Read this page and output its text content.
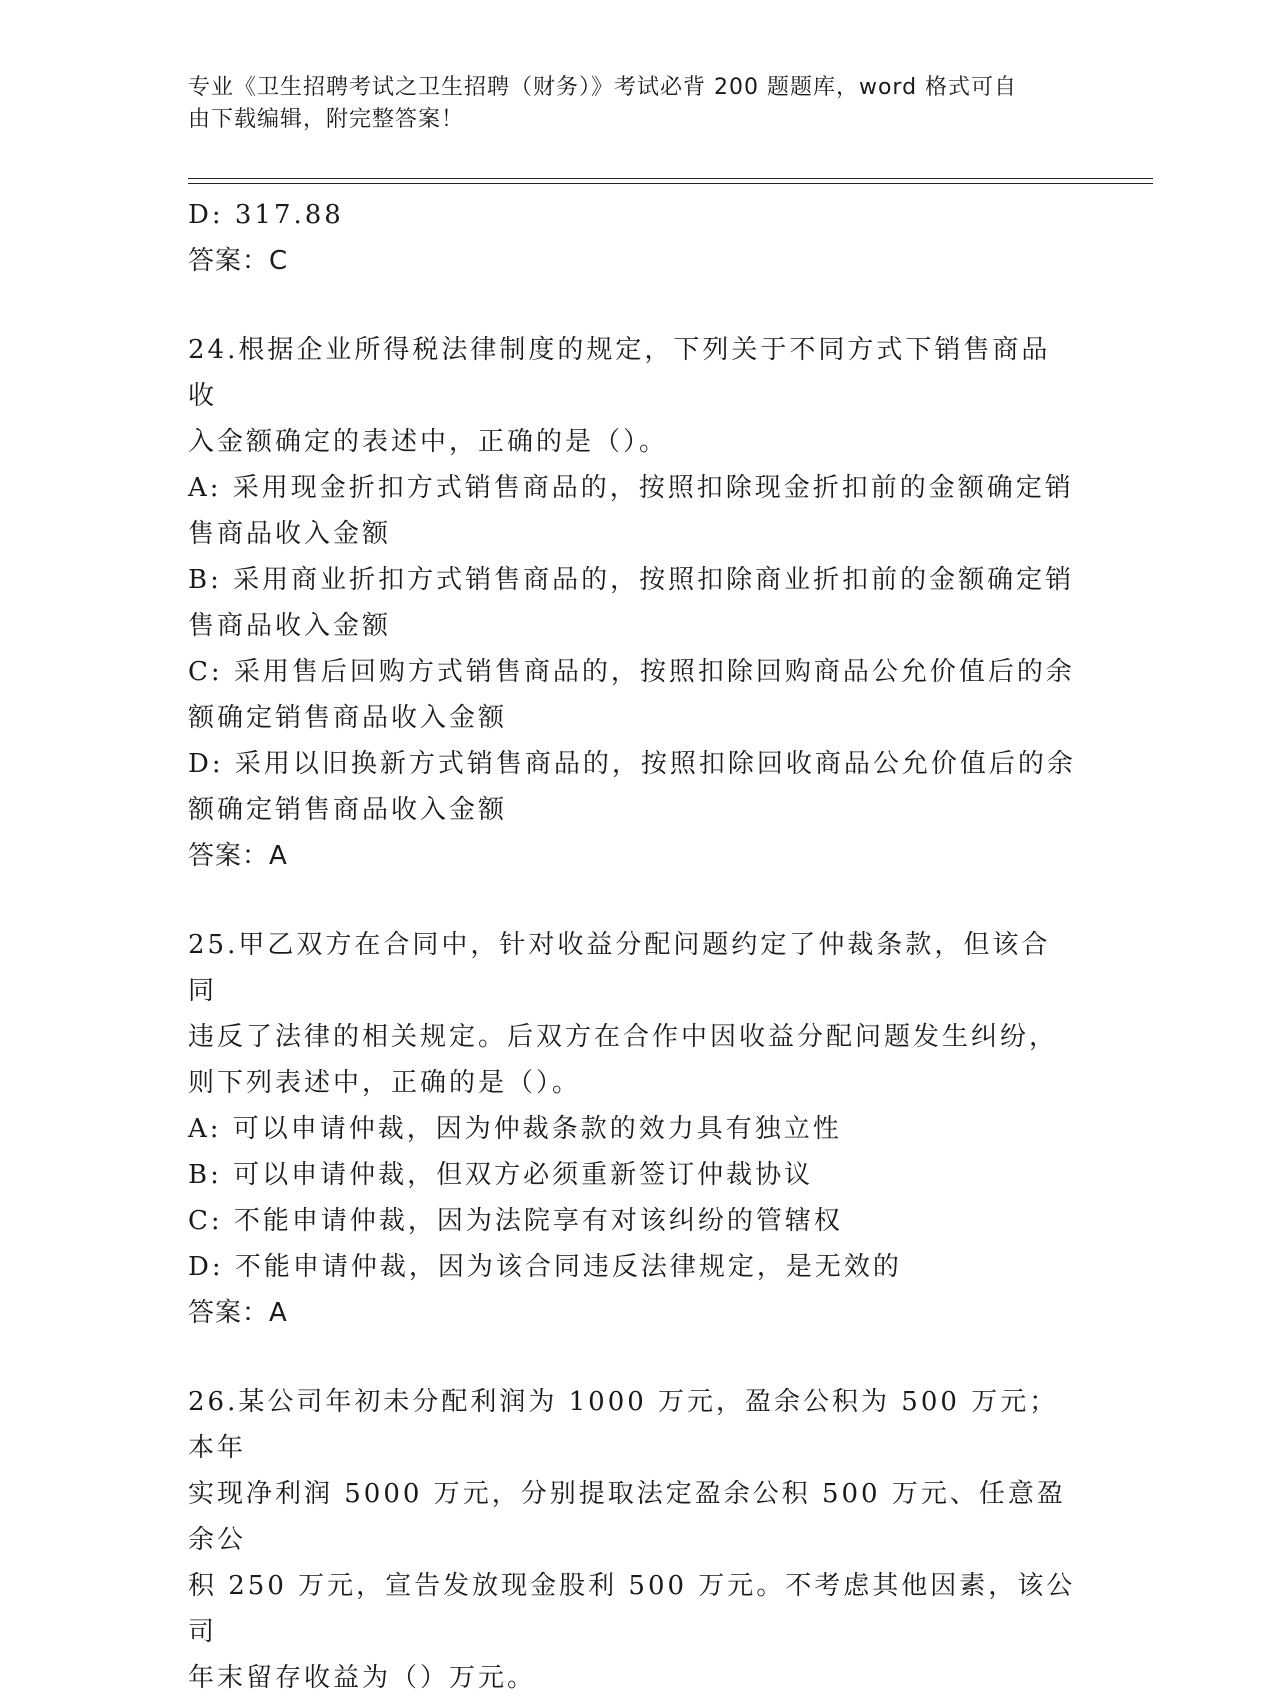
专业《卫生招聘考试之卫生招聘（财务）》考试必背 200 题题库，word 格式可自
由下载编辑，附完整答案！

D: 317.88

答案：C

24.根据企业所得税法律制度的规定，下列关于不同方式下销售商品收

入金额确定的表述中，正确的是（）。

A: 采用现金折扣方式销售商品的，按照扣除现金折扣前的金额确定销

售商品收入金额

B: 采用商业折扣方式销售商品的，按照扣除商业折扣前的金额确定销

售商品收入金额

C: 采用售后回购方式销售商品的，按照扣除回购商品公允价值后的余

额确定销售商品收入金额

D: 采用以旧换新方式销售商品的，按照扣除回收商品公允价值后的余

额确定销售商品收入金额

答案：A

25.甲乙双方在合同中，针对收益分配问题约定了仲裁条款，但该合同

违反了法律的相关规定。后双方在合作中因收益分配问题发生纠纷，

则下列表述中，正确的是（）。

A: 可以申请仲裁，因为仲裁条款的效力具有独立性

B: 可以申请仲裁，但双方必须重新签订仲裁协议

C: 不能申请仲裁，因为法院享有对该纠纷的管辖权

D: 不能申请仲裁，因为该合同违反法律规定，是无效的

答案：A

26.某公司年初未分配利润为 1000 万元，盈余公积为 500 万元；本年

实现净利润 5000 万元，分别提取法定盈余公积 500 万元、任意盈余公

积 250 万元，宣告发放现金股利 500 万元。不考虑其他因素，该公司

年末留存收益为（）万元。
